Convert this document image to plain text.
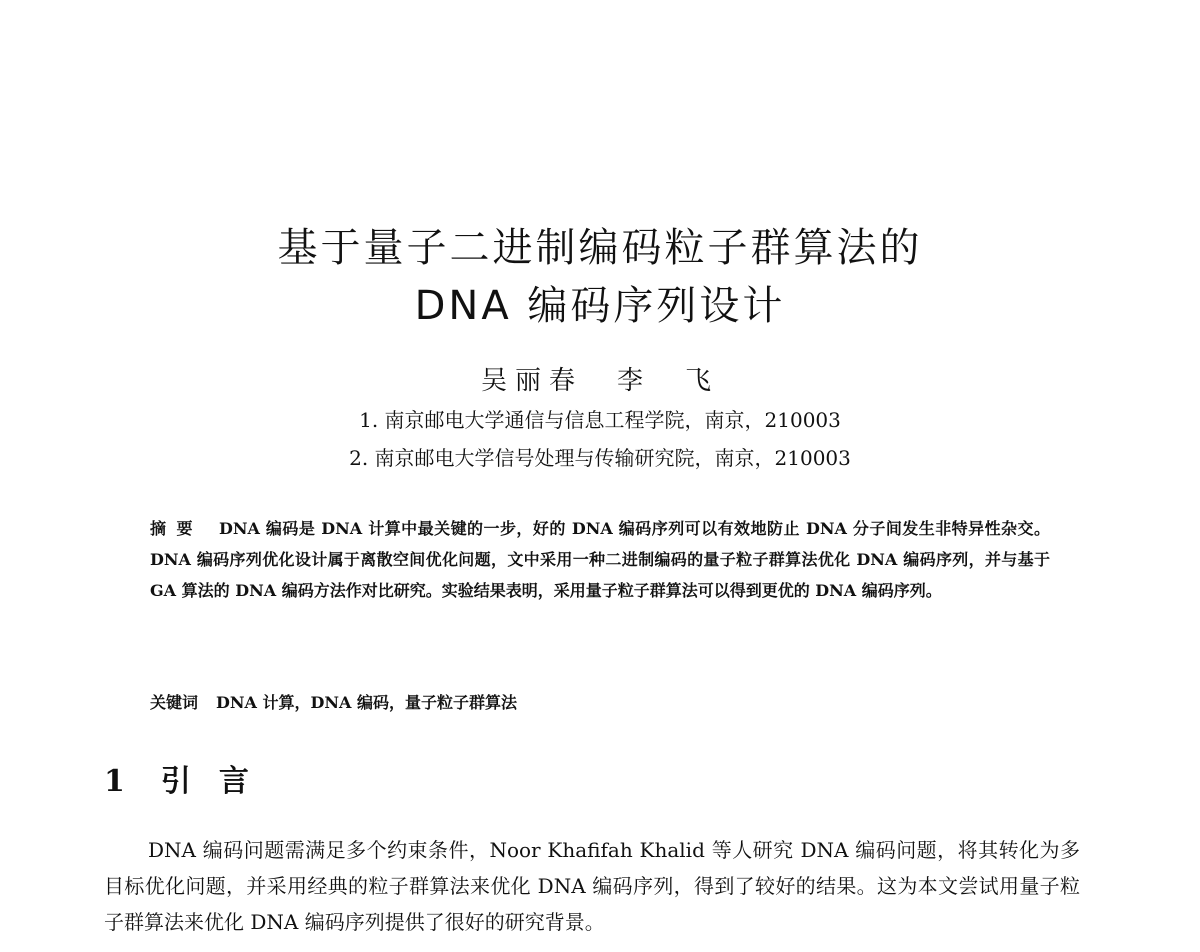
基于量子二进制编码粒子群算法的
DNA 编码序列设计
吴丽春　李　飞
1. 南京邮电大学通信与信息工程学院，南京，210003
2. 南京邮电大学信号处理与传输研究院，南京，210003
摘要 DNA 编码是 DNA 计算中最关键的一步，好的 DNA 编码序列可以有效地防止 DNA 分子间发生非特异性杂交。DNA 编码序列优化设计属于离散空间优化问题，文中采用一种二进制编码的量子粒子群算法优化 DNA 编码序列，并与基于 GA 算法的 DNA 编码方法作对比研究。实验结果表明，采用量子粒子群算法可以得到更优的 DNA 编码序列。
关键词 DNA 计算，DNA 编码，量子粒子群算法
1 引言

DNA 编码问题需满足多个约束条件，Noor Khafifah Khalid 等人研究 DNA 编码问题，将其转化为多目标优化问题，并采用经典的粒子群算法来优化 DNA 编码序列，得到了较好的结果。这为本文尝试用量子粒子群算法来优化 DNA 编码序列提供了很好的研究背景。
